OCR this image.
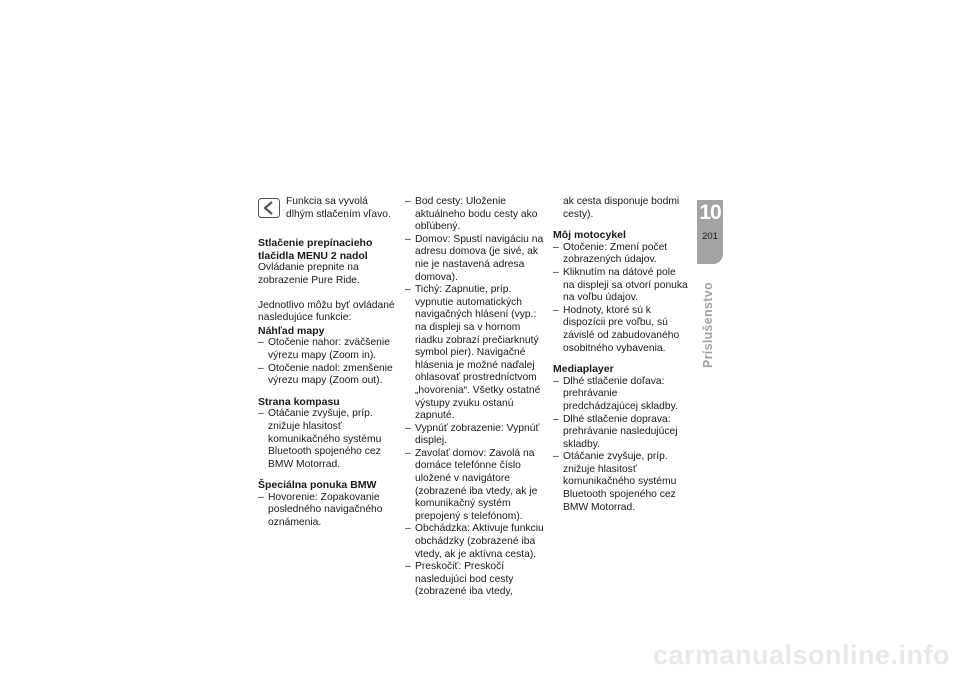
Funkcia sa vyvolá dlhým stlačením vľavo.
Stlačenie prepínacieho tlačidla MENU 2 nadol

Ovládanie prepnite na zobrazenie Pure Ride.

Jednotlivo môžu byť ovládané nasledujúce funkcie:

Náhľad mapy
– Otočenie nahor: zväčšenie výrezu mapy (Zoom in).
– Otočenie nadol: zmenšenie výrezu mapy (Zoom out).
Strana kompasu
– Otáčanie zvyšuje, príp. znižuje hlasitosť komunikačného systému Bluetooth spojeného cez BMW Motorrad.
Špeciálna ponuka BMW
– Hovorenie: Zopakovanie posledného navigačného oznámenia.
– Bod cesty: Uloženie aktuálneho bodu cesty ako obľúbený.
– Domov: Spustí navigáciu na adresu domova (je sivé, ak nie je nastavená adresa domova).
– Tichý: Zapnutie, príp. vypnutie automatických navigačných hlásení (vyp.: na displeji sa v hornom riadku zobrazí prečiarknutý symbol pier). Navigačné hlásenia je možné naďalej ohlasovať prostredníctvom „hovorenia“. Všetky ostatné výstupy zvuku ostanú zapnuté.
– Vypnúť zobrazenie: Vypnúť displej.
– Zavolať domov: Zavolá na domáce telefónne číslo uložené v navigátore (zobrazené iba vtedy, ak je komunikačný systém prepojený s telefónom).
– Obchádzka: Aktivuje funkciu obchádzky (zobrazené iba vtedy, ak je aktívna cesta).
– Preskočiť: Preskočí nasledujúci bod cesty (zobrazené iba vtedy,

ak cesta disponuje bodmi cesty).

Môj motocykel
– Otočenie: Zmení počet zobrazených údajov.
– Kliknutím na dátové pole na displeji sa otvorí ponuka na voľbu údajov.
– Hodnoty, ktoré sú k dispozícii pre voľbu, sú závislé od zabudovaného osobitného vybavenia.
Mediaplayer
– Dlhé stlačenie doľava: prehrávanie predchádzajúcej skladby.
– Dlhé stlačenie doprava: prehrávanie nasledujúcej skladby.
– Otáčanie zvyšuje, príp. znižuje hlasitosť komunikačného systému Bluetooth spojeného cez BMW Motorrad.
10
201
Príslušenstvo
carmanualsonline.info
